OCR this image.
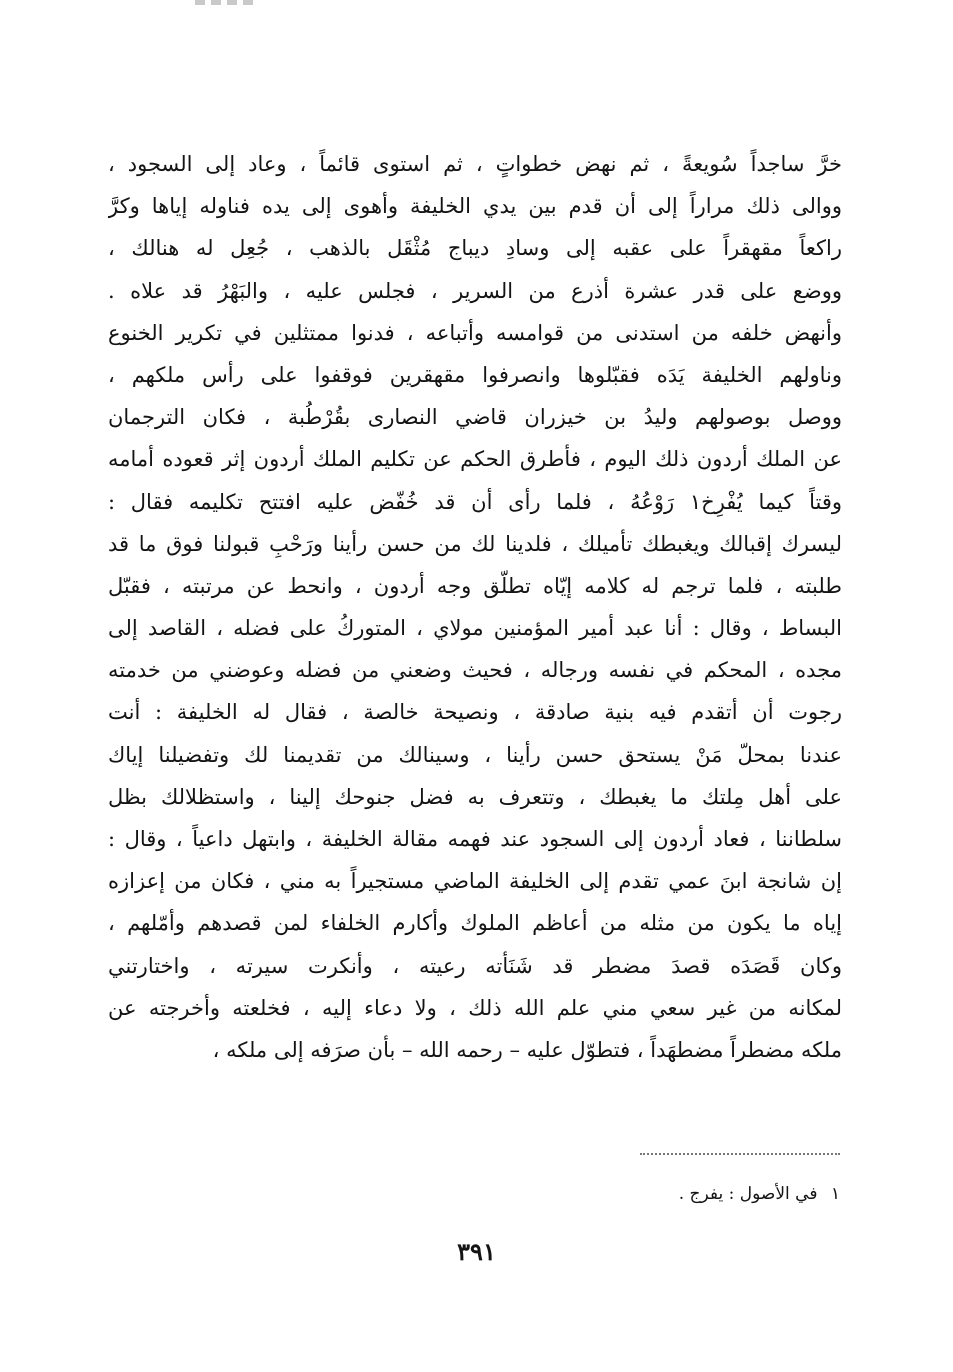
خرَّ ساجداً سُويعةً ، ثم نهض خطواتٍ ، ثم استوى قائماً ، وعاد إلى السجود ،
ووالى ذلك مراراً إلى أن قدم بين يدي الخليفة وأهوى إلى يده فناوله إياها وكرَّ
راكعاً مقهقراً على عقبه إلى وسادِ ديباج مُثْقَل بالذهب ، جُعِل له هنالك ،
ووضع على قدر عشرة أذرع من السرير ، فجلس عليه ، والبَهْرُ قد علاه .
وأنهض خلفه من استدنى من قوامسه وأتباعه ، فدنوا ممتثلين في تكرير الخنوع
وناولهم الخليفة يَدَه فقبّلوها وانصرفوا مقهقرين فوقفوا على رأس ملكهم ،
ووصل بوصولهم وليدُ بن خيزران قاضي النصارى بقُرْطُبة ، فكان الترجمان
عن الملك أردون ذلك اليوم ، فأطرق الحكم عن تكليم الملك أردون إثر قعوده أمامه
وقتاً كيما يُفْرِخ١ رَوْعُهُ ، فلما رأى أن قد خُفّض عليه افتتح تكليمه فقال :
ليسرك إقبالك ويغبطك تأميلك ، فلدينا لك من حسن رأينا ورَحْبِ قبولنا فوق ما قد
طلبته ، فلما ترجم له كلامه إيّاه تطلّق وجه أردون ، وانحط عن مرتبته ، فقبّل
البساط ، وقال : أنا عبد أمير المؤمنين مولاي ، المتوركُ على فضله ، القاصد إلى
مجده ، المحكم في نفسه ورجاله ، فحيث وضعني من فضله وعوضني من خدمته
رجوت أن أتقدم فيه بنية صادقة ، ونصيحة خالصة ، فقال له الخليفة : أنت
عندنا بمحلّ مَنْ يستحق حسن رأينا ، وسينالك من تقديمنا لك وتفضيلنا إياك
على أهل مِلتك ما يغبطك ، وتتعرف به فضل جنوحك إلينا ، واستظلالك بظل
سلطاننا ، فعاد أردون إلى السجود عند فهمه مقالة الخليفة ، وابتهل داعياً ، وقال :
إن شانجة ابنَ عمي تقدم إلى الخليفة الماضي مستجيراً به مني ، فكان من إعزازه
إياه ما يكون من مثله من أعاظم الملوك وأكارم الخلفاء لمن قصدهم وأمّلهم ،
وكان قَصَدَه قصدَ مضطر قد شَنَأته رعيته ، وأنكرت سيرته ، واختارتني
لمكانه من غير سعي مني علم الله ذلك ، ولا دعاء إليه ، فخلعته وأخرجته عن
ملكه مضطراً مضطهَداً ، فتطوّل عليه – رحمه الله – بأن صرَفه إلى ملكه ،
١ في الأصول : يفرج .
٣٩١
